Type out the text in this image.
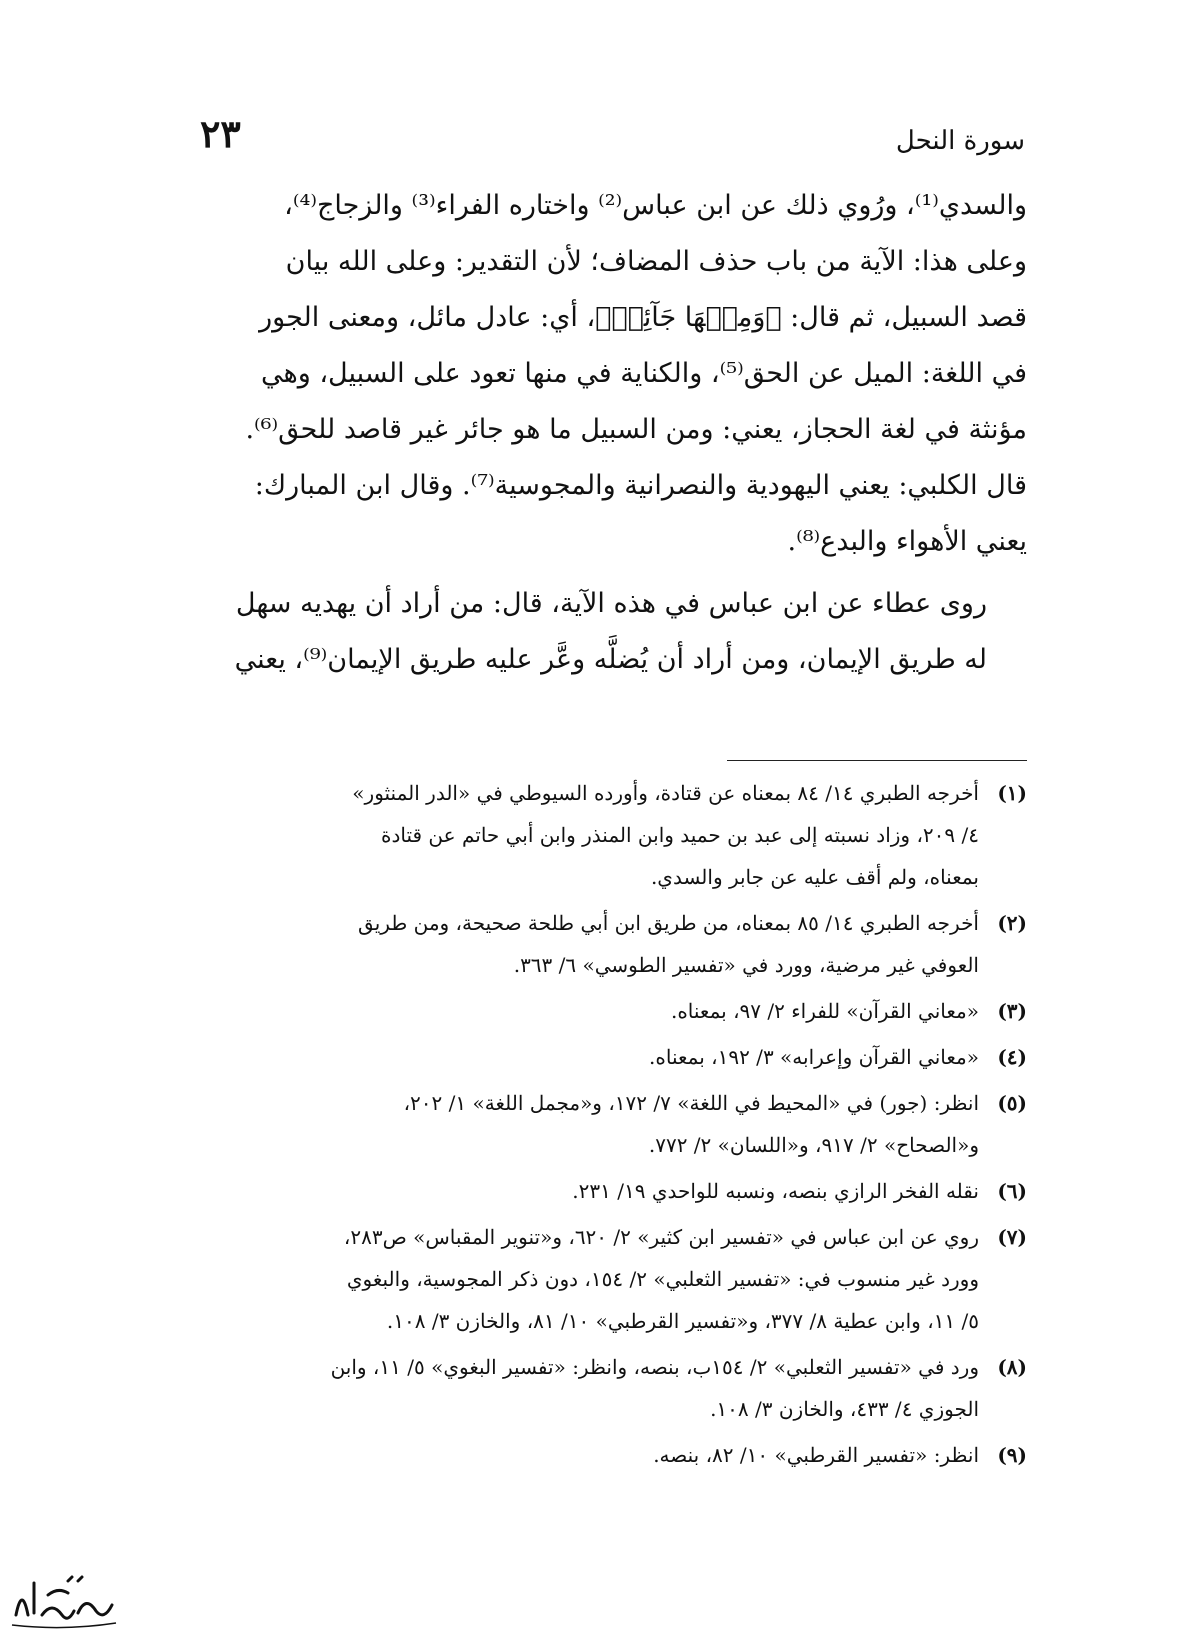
سورة النحل
٢٣

والسدي⁽¹⁾، ورُوي ذلك عن ابن عباس⁽²⁾ واختاره الفراء⁽³⁾ والزجاج⁽⁴⁾،
وعلى هذا: الآية من باب حذف المضاف؛ لأن التقدير: وعلى الله بيان
قصد السبيل، ثم قال: ﴿وَمِنۡهَا جَآئِرٞ﴾، أي: عادل مائل، ومعنى الجور
في اللغة: الميل عن الحق⁽⁵⁾، والكناية في منها تعود على السبيل، وهي
مؤنثة في لغة الحجاز، يعني: ومن السبيل ما هو جائر غير قاصد للحق⁽⁶⁾.
قال الكلبي: يعني اليهودية والنصرانية والمجوسية⁽⁷⁾. وقال ابن المبارك:
يعني الأهواء والبدع⁽⁸⁾.

روى عطاء عن ابن عباس في هذه الآية، قال: من أراد أن يهديه سهل
له طريق الإيمان، ومن أراد أن يُضلَّه وعَّر عليه طريق الإيمان⁽⁹⁾، يعني

(١)
أخرجه الطبري ١٤/ ٨٤ بمعناه عن قتادة، وأورده السيوطي في «الدر المنثور»
٤/ ٢٠٩، وزاد نسبته إلى عبد بن حميد وابن المنذر وابن أبي حاتم عن قتادة
بمعناه، ولم أقف عليه عن جابر والسدي.
(٢)
أخرجه الطبري ١٤/ ٨٥ بمعناه، من طريق ابن أبي طلحة صحيحة، ومن طريق
العوفي غير مرضية، وورد في «تفسير الطوسي» ٦/ ٣٦٣.
(٣)
«معاني القرآن» للفراء ٢/ ٩٧، بمعناه.
(٤)
«معاني القرآن وإعرابه» ٣/ ١٩٢، بمعناه.
(٥)
انظر: (جور) في «المحيط في اللغة» ٧/ ١٧٢، و«مجمل اللغة» ١/ ٢٠٢،
و«الصحاح» ٢/ ٩١٧، و«اللسان» ٢/ ٧٧٢.
(٦)
نقله الفخر الرازي بنصه، ونسبه للواحدي ١٩/ ٢٣١.
(٧)
روي عن ابن عباس في «تفسير ابن كثير» ٢/ ٦٢٠، و«تنوير المقباس» ص٢٨٣،
وورد غير منسوب في: «تفسير الثعلبي» ٢/ ١٥٤، دون ذكر المجوسية، والبغوي
٥/ ١١، وابن عطية ٨/ ٣٧٧، و«تفسير القرطبي» ١٠/ ٨١، والخازن ٣/ ١٠٨.
(٨)
ورد في «تفسير الثعلبي» ٢/ ١٥٤ب، بنصه، وانظر: «تفسير البغوي» ٥/ ١١، وابن
الجوزي ٤/ ٤٣٣، والخازن ٣/ ١٠٨.
(٩)
انظر: «تفسير القرطبي» ١٠/ ٨٢، بنصه.
